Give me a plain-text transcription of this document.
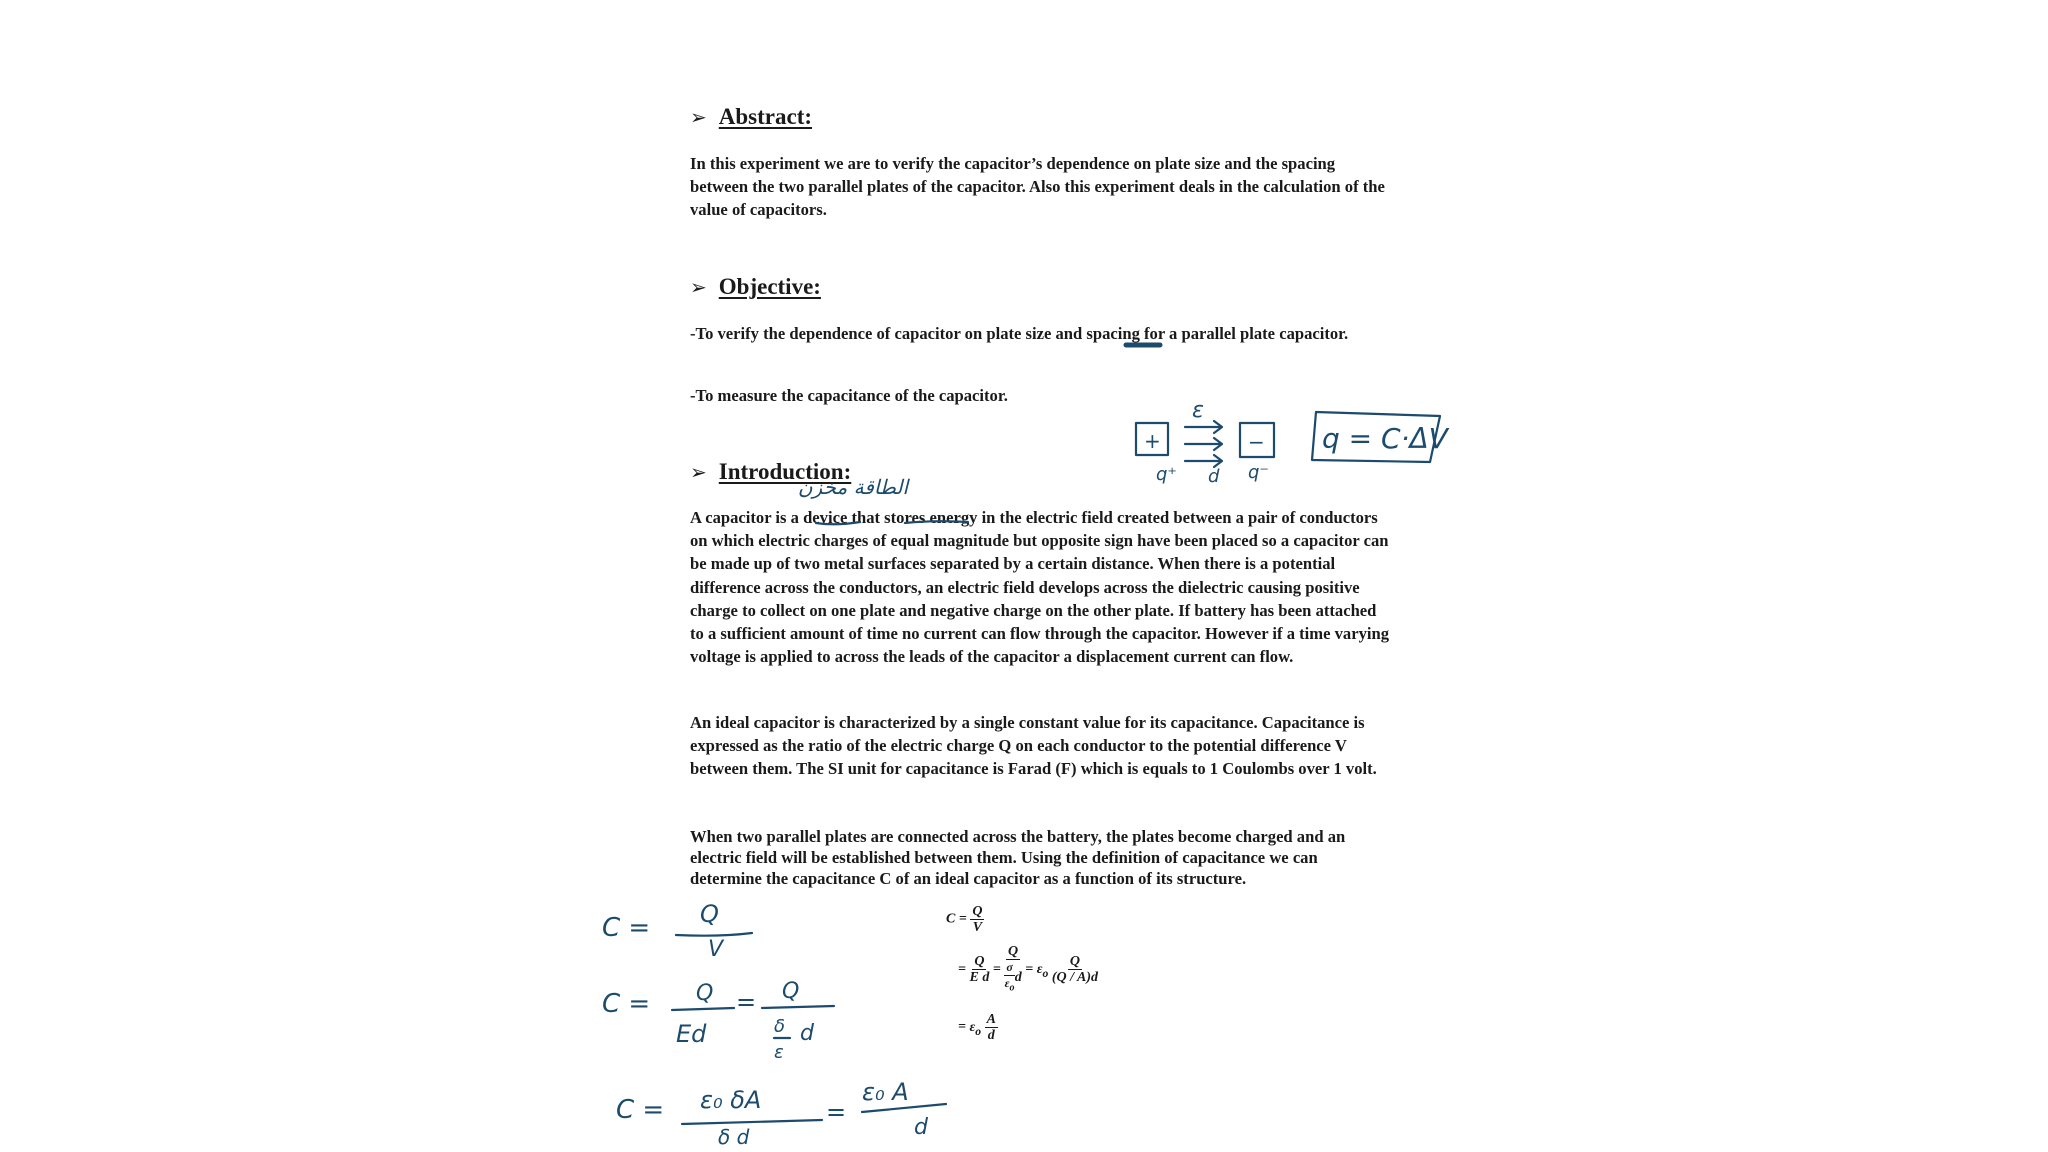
➢ Abstract:

In this experiment we are to verify the capacitor’s dependence on plate size and the spacing between the two parallel plates of the capacitor. Also this experiment deals in the calculation of the value of capacitors.

➢ Objective:

-To verify the dependence of capacitor on plate size and spacing for a parallel plate capacitor.

-To measure the capacitance of the capacitor.

➢ Introduction:

A capacitor is a device that stores energy in the electric field created between a pair of conductors on which electric charges of equal magnitude but opposite sign have been placed so a capacitor can be made up of two metal surfaces separated by a certain distance. When there is a potential difference across the conductors, an electric field develops across the dielectric causing positive charge to collect on one plate and negative charge on the other plate. If battery has been attached to a sufficient amount of time no current can flow through the capacitor. However if a time varying voltage is applied to across the leads of the capacitor a displacement current can flow.

An ideal capacitor is characterized by a single constant value for its capacitance. Capacitance is expressed as the ratio of the electric charge Q on each conductor to the potential difference V between them. The SI unit for capacitance is Farad (F) which is equals to 1 Coulombs over 1 volt.

When two parallel plates are connected across the battery, the plates become charged and an electric field will be established between them. Using the definition of capacitance we can determine the capacitance C of an ideal capacitor as a function of its structure.

$C = \frac{Q}{V}$
= $\frac{Q}{\text{E d}} = \frac{Q}{\frac{\sigma}{\varepsilon_o} d} = \varepsilon_o \frac{Q}{(Q / A)d}$
= $\varepsilon_o \frac{A}{d}$
ε
+	−
q⁺ d q⁻
q = C·ΔV
الطاقة مخزن
C = Q
V
C = Q
Ed
= Q
δ
ε
d
C = ε₀ δA
δ d
=
ε₀ A
d
